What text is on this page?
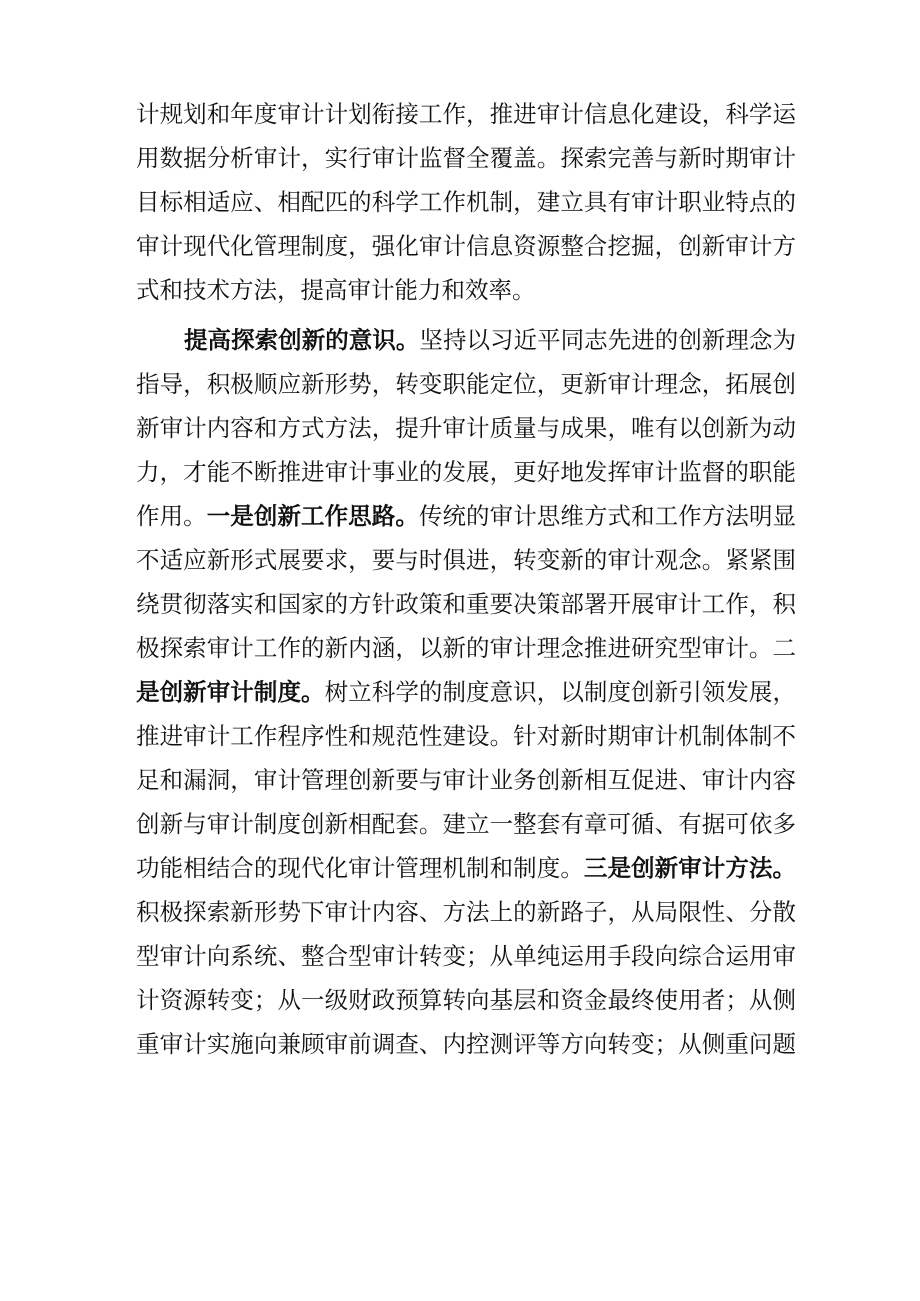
计规划和年度审计计划衔接工作，推进审计信息化建设，科学运
用数据分析审计，实行审计监督全覆盖。探索完善与新时期审计
目标相适应、相配匹的科学工作机制，建立具有审计职业特点的
审计现代化管理制度，强化审计信息资源整合挖掘，创新审计方
式和技术方法，提高审计能力和效率。
提高探索创新的意识。坚持以习近平同志先进的创新理念为
指导，积极顺应新形势，转变职能定位，更新审计理念，拓展创
新审计内容和方式方法，提升审计质量与成果，唯有以创新为动
力，才能不断推进审计事业的发展，更好地发挥审计监督的职能
作用。一是创新工作思路。传统的审计思维方式和工作方法明显
不适应新形式展要求，要与时俱进，转变新的审计观念。紧紧围
绕贯彻落实和国家的方针政策和重要决策部署开展审计工作，积
极探索审计工作的新内涵，以新的审计理念推进研究型审计。二
是创新审计制度。树立科学的制度意识，以制度创新引领发展，
推进审计工作程序性和规范性建设。针对新时期审计机制体制不
足和漏洞，审计管理创新要与审计业务创新相互促进、审计内容
创新与审计制度创新相配套。建立一整套有章可循、有据可依多
功能相结合的现代化审计管理机制和制度。三是创新审计方法。
积极探索新形势下审计内容、方法上的新路子，从局限性、分散
型审计向系统、整合型审计转变；从单纯运用手段向综合运用审
计资源转变；从一级财政预算转向基层和资金最终使用者；从侧
重审计实施向兼顾审前调查、内控测评等方向转变；从侧重问题
